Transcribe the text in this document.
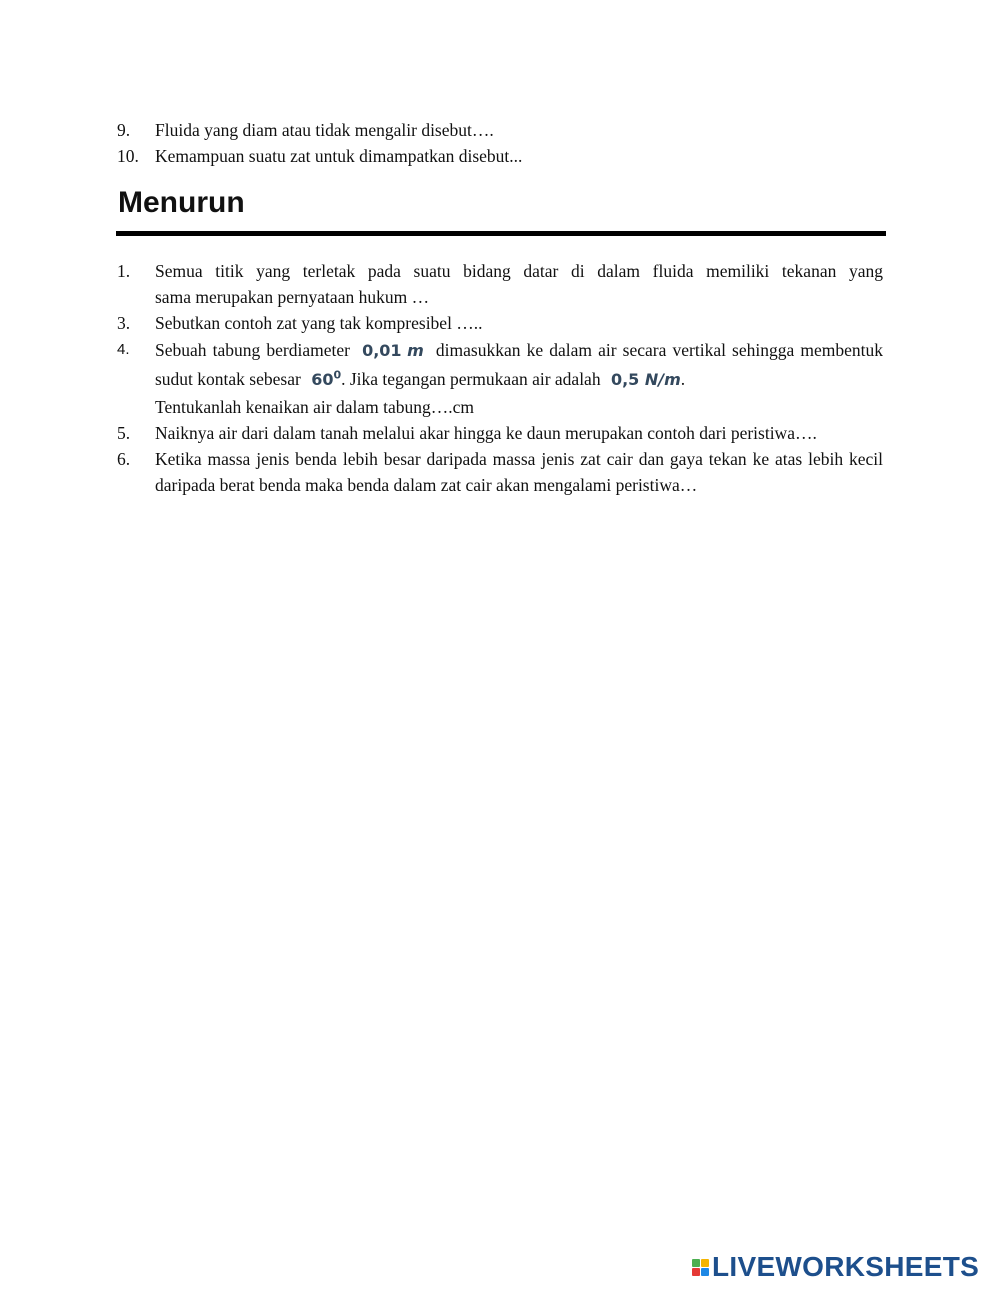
9. Fluida yang diam atau tidak mengalir disebut….
10. Kemampuan suatu zat untuk dimampatkan disebut...
Menurun
1. Semua titik yang terletak pada suatu bidang datar di dalam fluida memiliki tekanan yang
sama merupakan pernyataan hukum …
3. Sebutkan contoh zat yang tak kompresibel …..
4. Sebuah tabung berdiameter 0,01 m dimasukkan ke dalam air secara vertikal sehingga membentuk sudut kontak sebesar $60^0$. Jika tegangan permukaan air adalah 0,5 N/m.
Tentukanlah kenaikan air dalam tabung….cm
5. Naiknya air dari dalam tanah melalui akar hingga ke daun merupakan contoh dari peristiwa….
6. Ketika massa jenis benda lebih besar daripada massa jenis zat cair dan gaya tekan ke atas lebih kecil daripada berat benda maka benda dalam zat cair akan mengalami peristiwa…
LIVEWORKSHEETS
